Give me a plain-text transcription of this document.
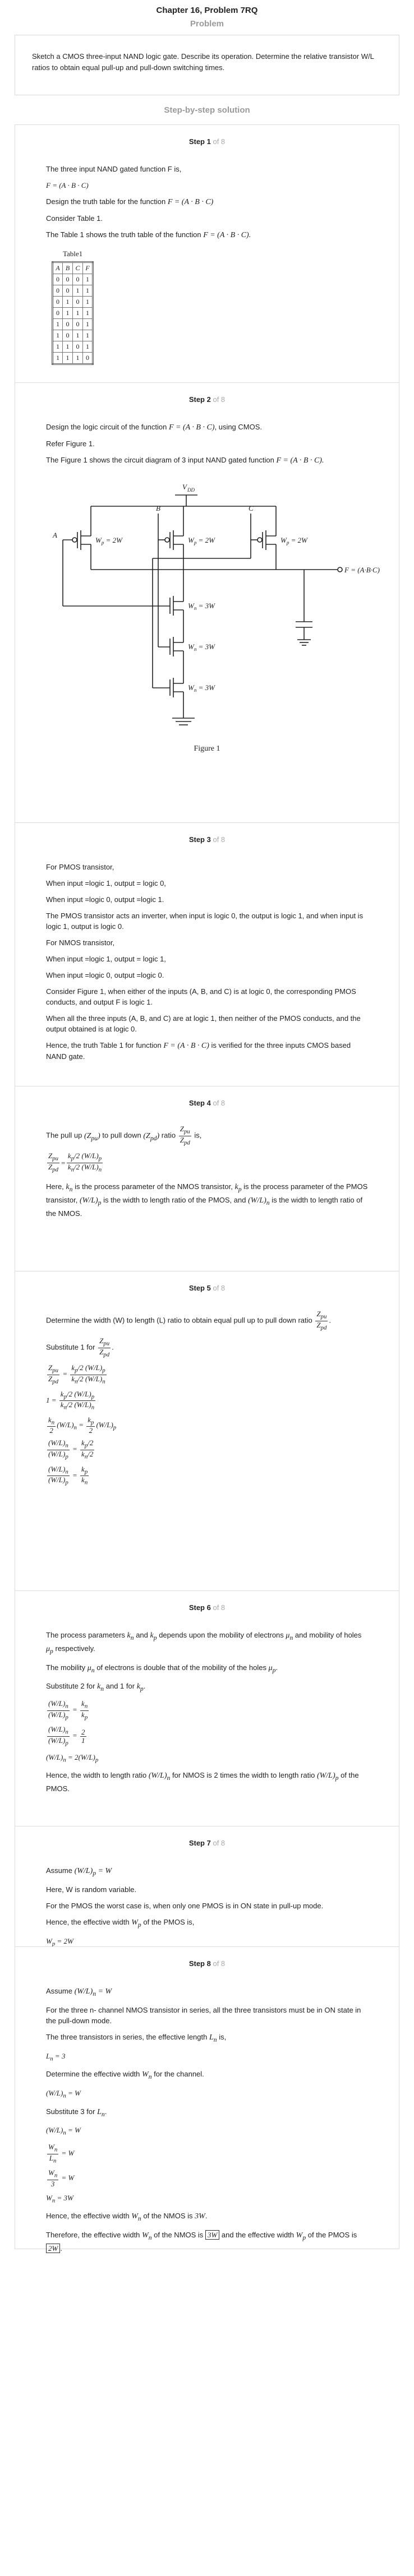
Chapter 16, Problem 7RQ
Problem
Sketch a CMOS three-input NAND logic gate. Describe its operation. Determine the relative transistor W/L ratios to obtain equal pull-up and pull-down switching times.
Step-by-step solution
Step 1 of 8

The three input NAND gated function F is,

F = (A · B · C)

Design the truth table for the function F = (A · B · C)

Consider Table 1.

The Table 1 shows the truth table of the function F = (A · B · C).

Table1
A	B	C	F
0	0	0	1
0	0	1	1
0	1	0	1
0	1	1	1
1	0	0	1
1	0	1	1
1	1	0	1
1	1	1	0
Step 2 of 8

Design the logic circuit of the function F = (A · B · C), using CMOS.

Refer Figure 1.

The Figure 1 shows the circuit diagram of 3 input NAND gated function F = (A · B · C).

V DD
A
B	C
$W_p = 2W$	$W_p = 2W$	$W_p = 2W$
$W_n = 3W$
$W_n = 3W$
$W_n = 3W$
F = (A·B·C)
Figure 1
Step 3 of 8

For PMOS transistor,

When input =logic 1, output = logic 0,

When input =logic 0, output =logic 1.

The PMOS transistor acts an inverter, when input is logic 0, the output is logic 1, and when input is logic 1, output is logic 0.

For NMOS transistor,

When input =logic 1, output = logic 1,

When input =logic 0, output =logic 0.

Consider Figure 1, when either of the inputs (A, B, and C) is at logic 0, the corresponding PMOS conducts, and output F is logic 1.

When all the three inputs (A, B, and C) are at logic 1, then neither of the PMOS conducts, and the output obtained is at logic 0.

Hence, the truth Table 1 for function F = (A · B · C) is verified for the three inputs CMOS based NAND gate.

Step 4 of 8

The pull up $(Z_{pu})$ to pull down $(Z_{pd})$ ratio $\frac{Z_{pu}}{Z_{pd}}$ is,

$\frac{Z_{pu}}{Z_{pd}} = \frac{k_p/2 (W/L)_p}{k_n/2 (W/L)_n}$

Here, $k_n$ is the process parameter of the NMOS transistor, $k_p$ is the process parameter of the PMOS transistor, $(W/L)_p$ is the width to length ratio of the PMOS, and $(W/L)_n$ is the width to length ratio of the NMOS.

Step 5 of 8

Determine the width (W) to length (L) ratio to obtain equal pull up to pull down ratio $\frac{Z_{pu}}{Z_{pd}}$ .

Substitute 1 for $\frac{Z_{pu}}{Z_{pd}}$ .

$\frac{Z_{pu}}{Z_{pd}} = \frac{k_p/2 (W/L)_p}{k_n/2 (W/L)_n}$
$1 = \frac{k_p/2 (W/L)_p}{k_n/2 (W/L)_n}$
$\frac{k_n}{2} (W/L)_n = \frac{k_p}{2} (W/L)_p$
$\frac{(W/L)_n}{(W/L)_p} = \frac{k_p/2}{k_n/2}$
$\frac{(W/L)_n}{(W/L)_p} = \frac{k_p}{k_n}$
Step 6 of 8

The process parameters $k_n$ and $k_p$ depends upon the mobility of electrons $\mu_n$ and mobility of holes $\mu_p$ respectively.

The mobility $\mu_n$ of electrons is double that of the mobility of the holes $\mu_p$.

Substitute 2 for $k_n$ and 1 for $k_p$.

$\frac{(W/L)_n}{(W/L)_p} = \frac{k_n}{k_p}$
$\frac{(W/L)_n}{(W/L)_p} = \frac{2}{1}$
$(W/L)_n = 2(W/L)_p$

Hence, the width to length ratio $(W/L)_n$ for NMOS is 2 times the width to length ratio $(W/L)_p$ of the PMOS.

Step 7 of 8

Assume $(W/L)_p = W$

Here, W is random variable.

For the PMOS the worst case is, when only one PMOS is in ON state in pull-up mode.

Hence, the effective width $W_p$ of the PMOS is,

$W_p = 2W$
Step 8 of 8

Assume $(W/L)_n = W$

For the three n- channel NMOS transistor in series, all the three transistors must be in ON state in the pull-down mode.

The three transistors in series, the effective length $L_n$ is,

$L_n = 3$

Determine the effective width $W_n$ for the channel.

$(W/L)_n = W$

Substitute 3 for $L_n$.

$(W/L)_n = W$
$\frac{W_n}{L_n} = W$
$\frac{W_n}{3} = W$
$W_n = 3W$

Hence, the effective width $W_n$ of the NMOS is 3W.

Therefore, the effective width $W_n$ of the NMOS is 3W and the effective width $W_p$ of the PMOS is 2W .
